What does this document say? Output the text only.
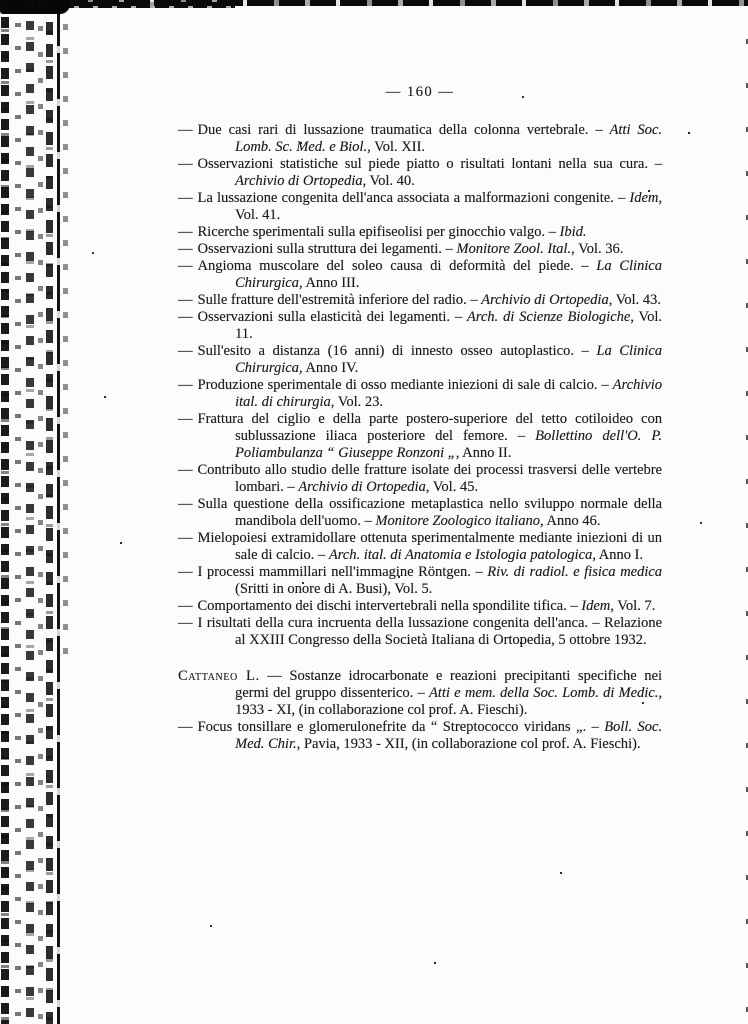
— 160 —
— Due casi rari di lussazione traumatica della colonna vertebrale. – Atti Soc. Lomb. Sc. Med. e Biol., Vol. XII.
— Osservazioni statistiche sul piede piatto o risultati lontani nella sua cura. – Archivio di Ortopedia, Vol. 40.
— La lussazione congenita dell'anca associata a malformazioni congenite. – Idem, Vol. 41.
— Ricerche sperimentali sulla epifiseolisi per ginocchio valgo. – Ibid.
— Osservazioni sulla struttura dei legamenti. – Monitore Zool. Ital., Vol. 36.
— Angioma muscolare del soleo causa di deformità del piede. – La Clinica Chirurgica, Anno III.
— Sulle fratture dell'estremità inferiore del radio. – Archivio di Ortopedia, Vol. 43.
— Osservazioni sulla elasticità dei legamenti. – Arch. di Scienze Biologiche, Vol. 11.
— Sull'esito a distanza (16 anni) di innesto osseo autoplastico. – La Clinica Chirurgica, Anno IV.
— Produzione sperimentale di osso mediante iniezioni di sale di calcio. – Archivio ital. di chirurgia, Vol. 23.
— Frattura del ciglio e della parte postero-superiore del tetto cotiloideo con sublussazione iliaca posteriore del femore. – Bollettino dell'O. P. Poliambulanza “ Giuseppe Ronzoni „, Anno II.
— Contributo allo studio delle fratture isolate dei processi trasversi delle vertebre lombari. – Archivio di Ortopedia, Vol. 45.
— Sulla questione della ossificazione metaplastica nello sviluppo normale della mandibola dell'uomo. – Monitore Zoologico italiano, Anno 46.
— Mielopoiesi extramidollare ottenuta sperimentalmente mediante iniezioni di un sale di calcio. – Arch. ital. di Anatomia e Istologia patologica, Anno I.
— I processi mammillari nell'immagine Röntgen. – Riv. di radiol. e fisica medica (Sritti in onore di A. Busi), Vol. 5.
— Comportamento dei dischi intervertebrali nella spondilite tifica. – Idem, Vol. 7.
— I risultati della cura incruenta della lussazione congenita dell'anca. – Relazione al XXIII Congresso della Società Italiana di Ortopedia, 5 ottobre 1932.
Cattaneo L. — Sostanze idrocarbonate e reazioni precipitanti specifiche nei germi del gruppo dissenterico. – Atti e mem. della Soc. Lomb. di Medic., 1933 - XI, (in collaborazione col prof. A. Fieschi).
— Focus tonsillare e glomerulonefrite da “ Streptococco viridans „. – Boll. Soc. Med. Chir., Pavia, 1933 - XII, (in collaborazione col prof. A. Fieschi).
